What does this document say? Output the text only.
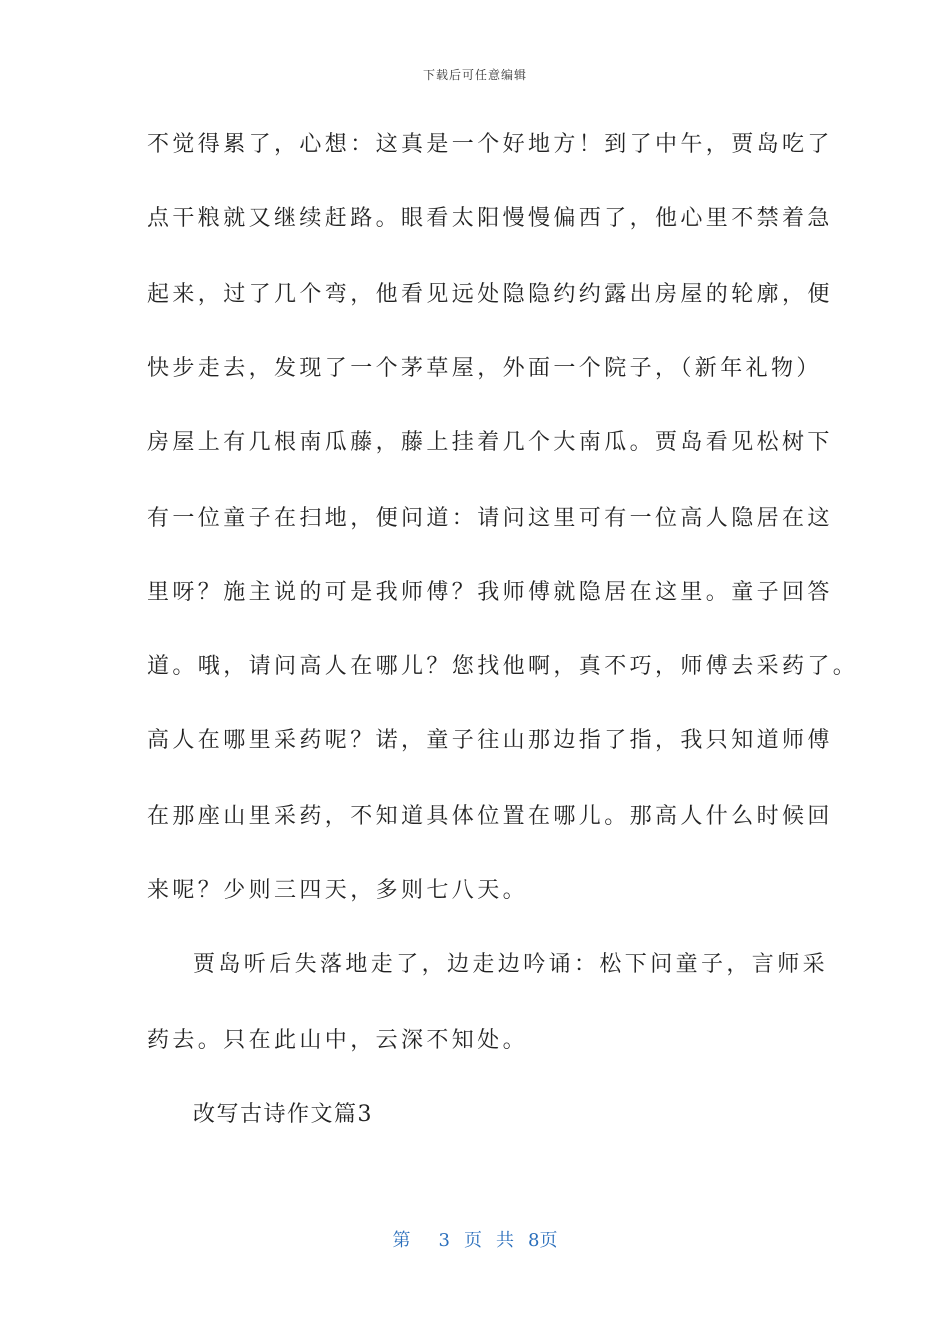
下载后可任意编辑
不觉得累了，心想：这真是一个好地方！到了中午，贾岛吃了
点干粮就又继续赶路。眼看太阳慢慢偏西了，他心里不禁着急
起来，过了几个弯，他看见远处隐隐约约露出房屋的轮廓，便
快步走去，发现了一个茅草屋，外面一个院子，（新年礼物）
房屋上有几根南瓜藤，藤上挂着几个大南瓜。贾岛看见松树下
有一位童子在扫地，便问道：请问这里可有一位高人隐居在这
里呀？施主说的可是我师傅？我师傅就隐居在这里。童子回答
道。哦，请问高人在哪儿？您找他啊，真不巧，师傅去采药了。
高人在哪里采药呢？诺，童子往山那边指了指，我只知道师傅
在那座山里采药，不知道具体位置在哪儿。那高人什么时候回
来呢？少则三四天，多则七八天。
贾岛听后失落地走了，边走边吟诵：松下问童子，言师采
药去。只在此山中，云深不知处。
改写古诗作文篇3
第 3 页 共 8页
